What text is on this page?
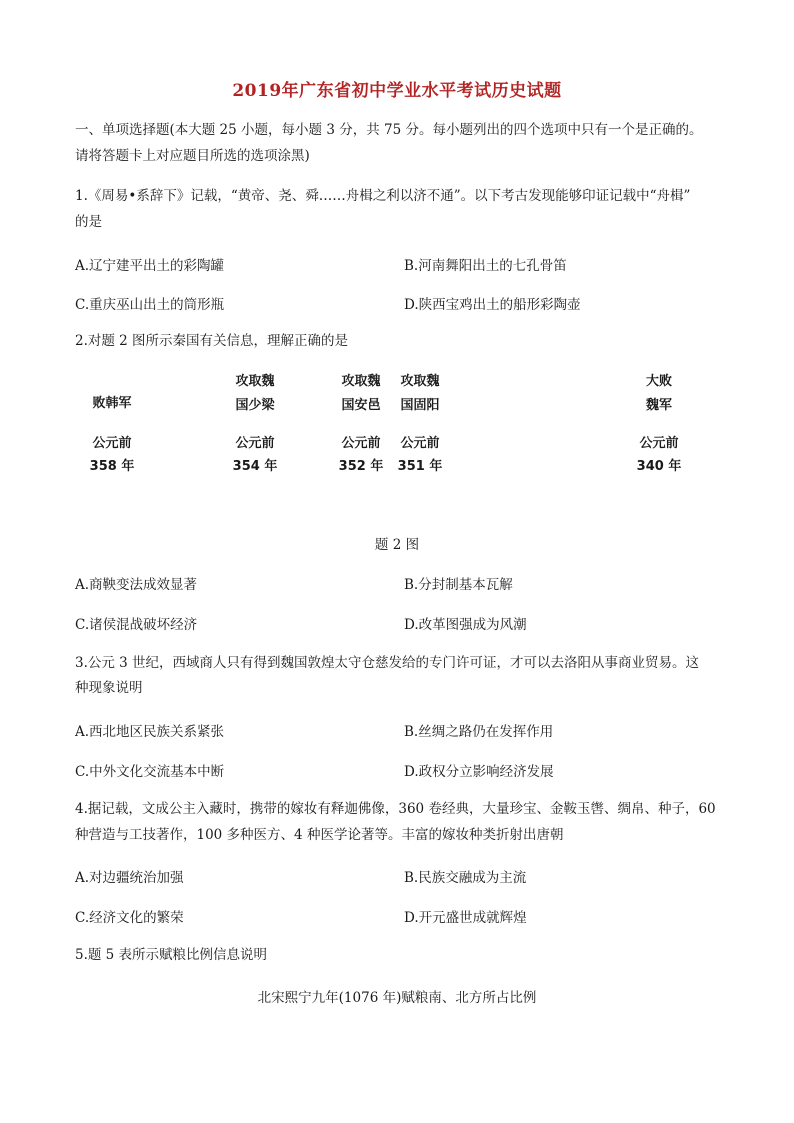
2019年广东省初中学业水平考试历史试题
一、单项选择题(本大题 25 小题，每小题 3 分，共 75 分。每小题列出的四个选项中只有一个是正确的。
请将答题卡上对应题目所选的选项涂黑)
1.《周易•系辞下》记载，“黄帝、尧、舜……舟楫之利以济不通”。以下考古发现能够印证记载中“舟楫”
的是
A.辽宁建平出土的彩陶罐	B.河南舞阳出土的七孔骨笛
C.重庆巫山出土的筒形瓶	D.陕西宝鸡出土的船形彩陶壶
2.对题 2 图所示秦国有关信息，理解正确的是
败韩军
公元前
358 年
攻取魏
国少梁
公元前
354 年
攻取魏
国安邑
公元前
352 年
攻取魏
国固阳
公元前
351 年
大败
魏军
公元前
340 年
题 2 图
A.商鞅变法成效显著	B.分封制基本瓦解
C.诸侯混战破坏经济	D.改革图强成为风潮
3.公元 3 世纪，西域商人只有得到魏国敦煌太守仓慈发给的专门许可证，才可以去洛阳从事商业贸易。这
种现象说明
A.西北地区民族关系紧张	B.丝绸之路仍在发挥作用
C.中外文化交流基本中断	D.政权分立影响经济发展
4.据记载，文成公主入藏时，携带的嫁妆有释迦佛像，360 卷经典，大量珍宝、金鞍玉辔、绸帛、种子，60
种营造与工技著作，100 多种医方、4 种医学论著等。丰富的嫁妆种类折射出唐朝
A.对边疆统治加强	B.民族交融成为主流
C.经济文化的繁荣	D.开元盛世成就辉煌
5.题 5 表所示赋粮比例信息说明
北宋熙宁九年(1076 年)赋粮南、北方所占比例
